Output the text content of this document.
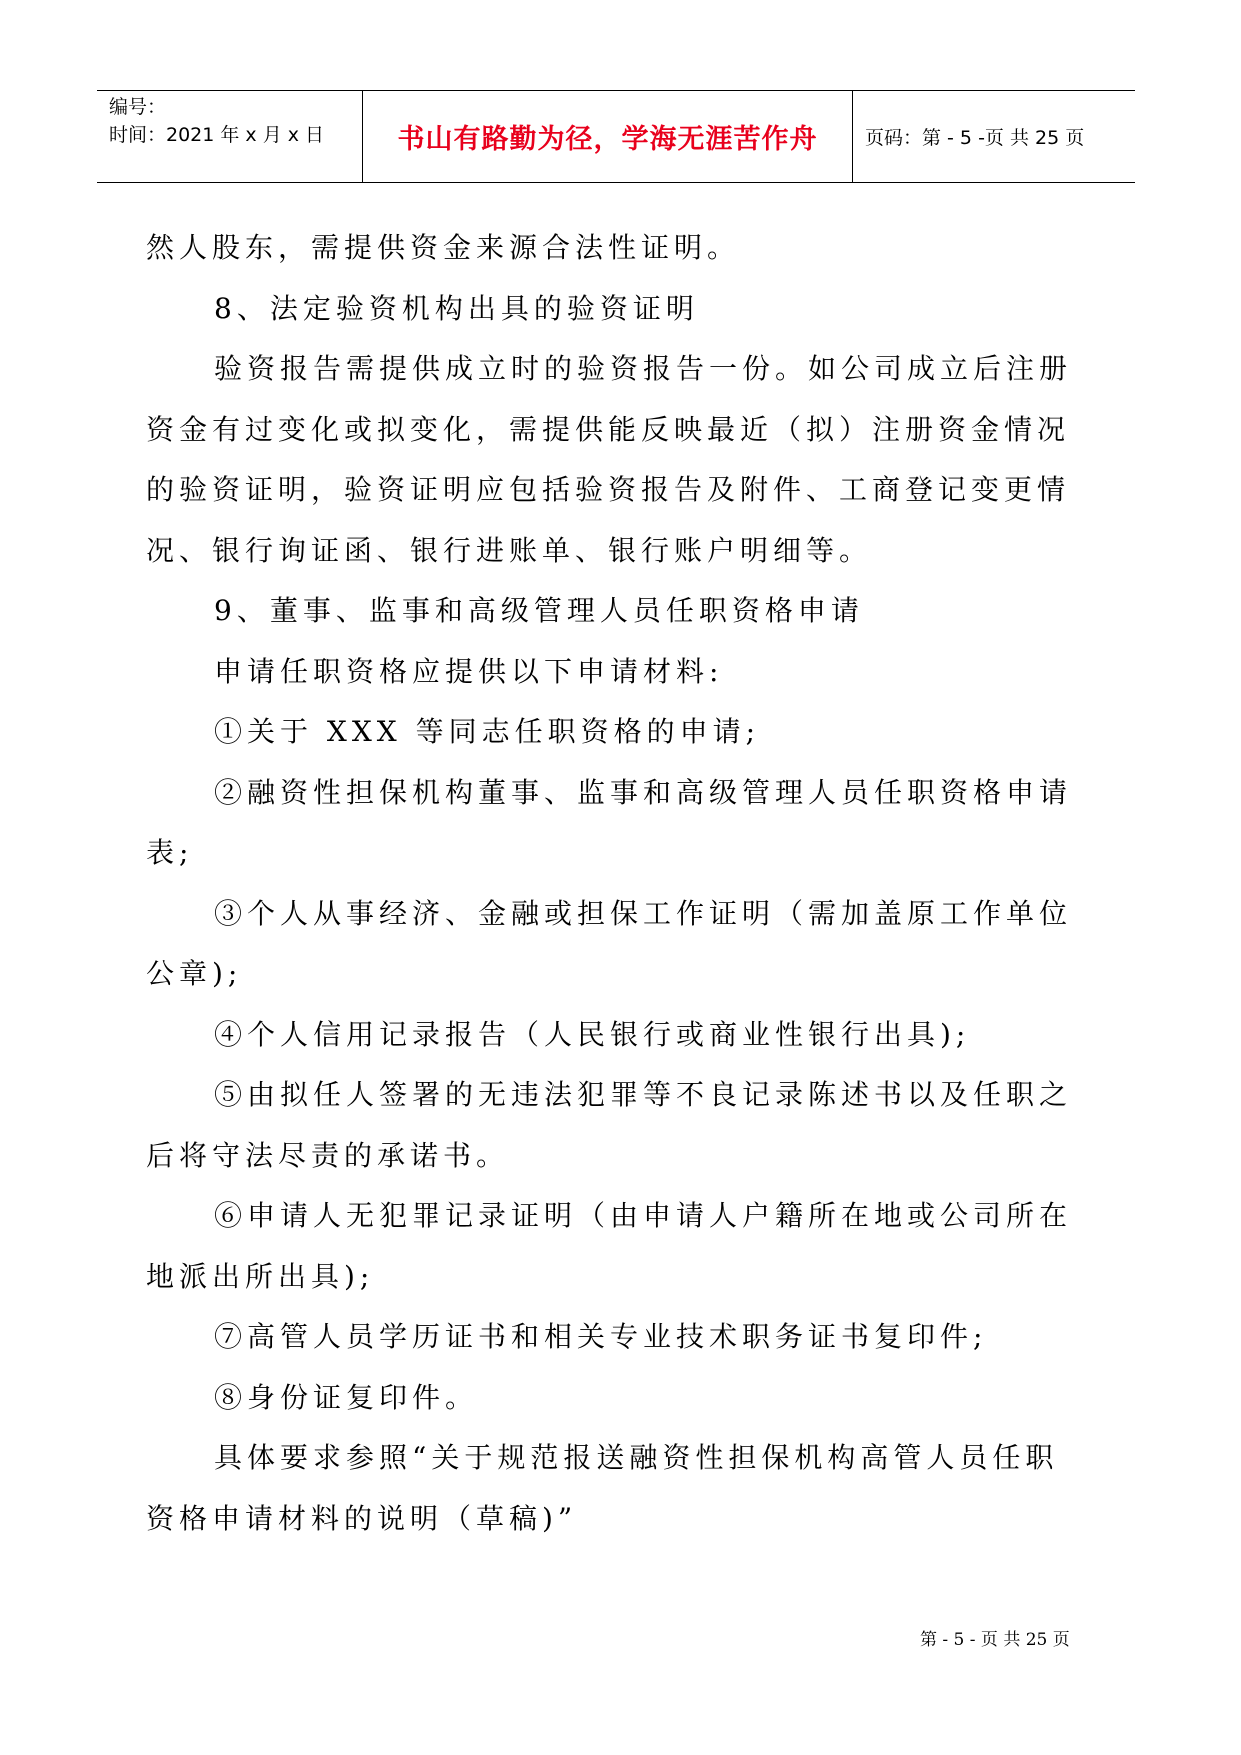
编号：
时间：2021 年 x 月 x 日	书山有路勤为径，学海无涯苦作舟	页码：第 - 5 -页 共 25 页

然人股东，需提供资金来源合法性证明。

8、法定验资机构出具的验资证明

验资报告需提供成立时的验资报告一份。如公司成立后注册

资金有过变化或拟变化，需提供能反映最近（拟）注册资金情况

的验资证明，验资证明应包括验资报告及附件、工商登记变更情

况、银行询证函、银行进账单、银行账户明细等。

9、董事、监事和高级管理人员任职资格申请

申请任职资格应提供以下申请材料:

①关于 XXX 等同志任职资格的申请;

②融资性担保机构董事、监事和高级管理人员任职资格申请

表;

③个人从事经济、金融或担保工作证明（需加盖原工作单位

公章);

④个人信用记录报告（人民银行或商业性银行出具);

⑤由拟任人签署的无违法犯罪等不良记录陈述书以及任职之

后将守法尽责的承诺书。

⑥申请人无犯罪记录证明（由申请人户籍所在地或公司所在

地派出所出具);

⑦高管人员学历证书和相关专业技术职务证书复印件;

⑧身份证复印件。

具体要求参照“关于规范报送融资性担保机构高管人员任职

资格申请材料的说明（草稿)”

第 - 5 - 页 共 25 页
